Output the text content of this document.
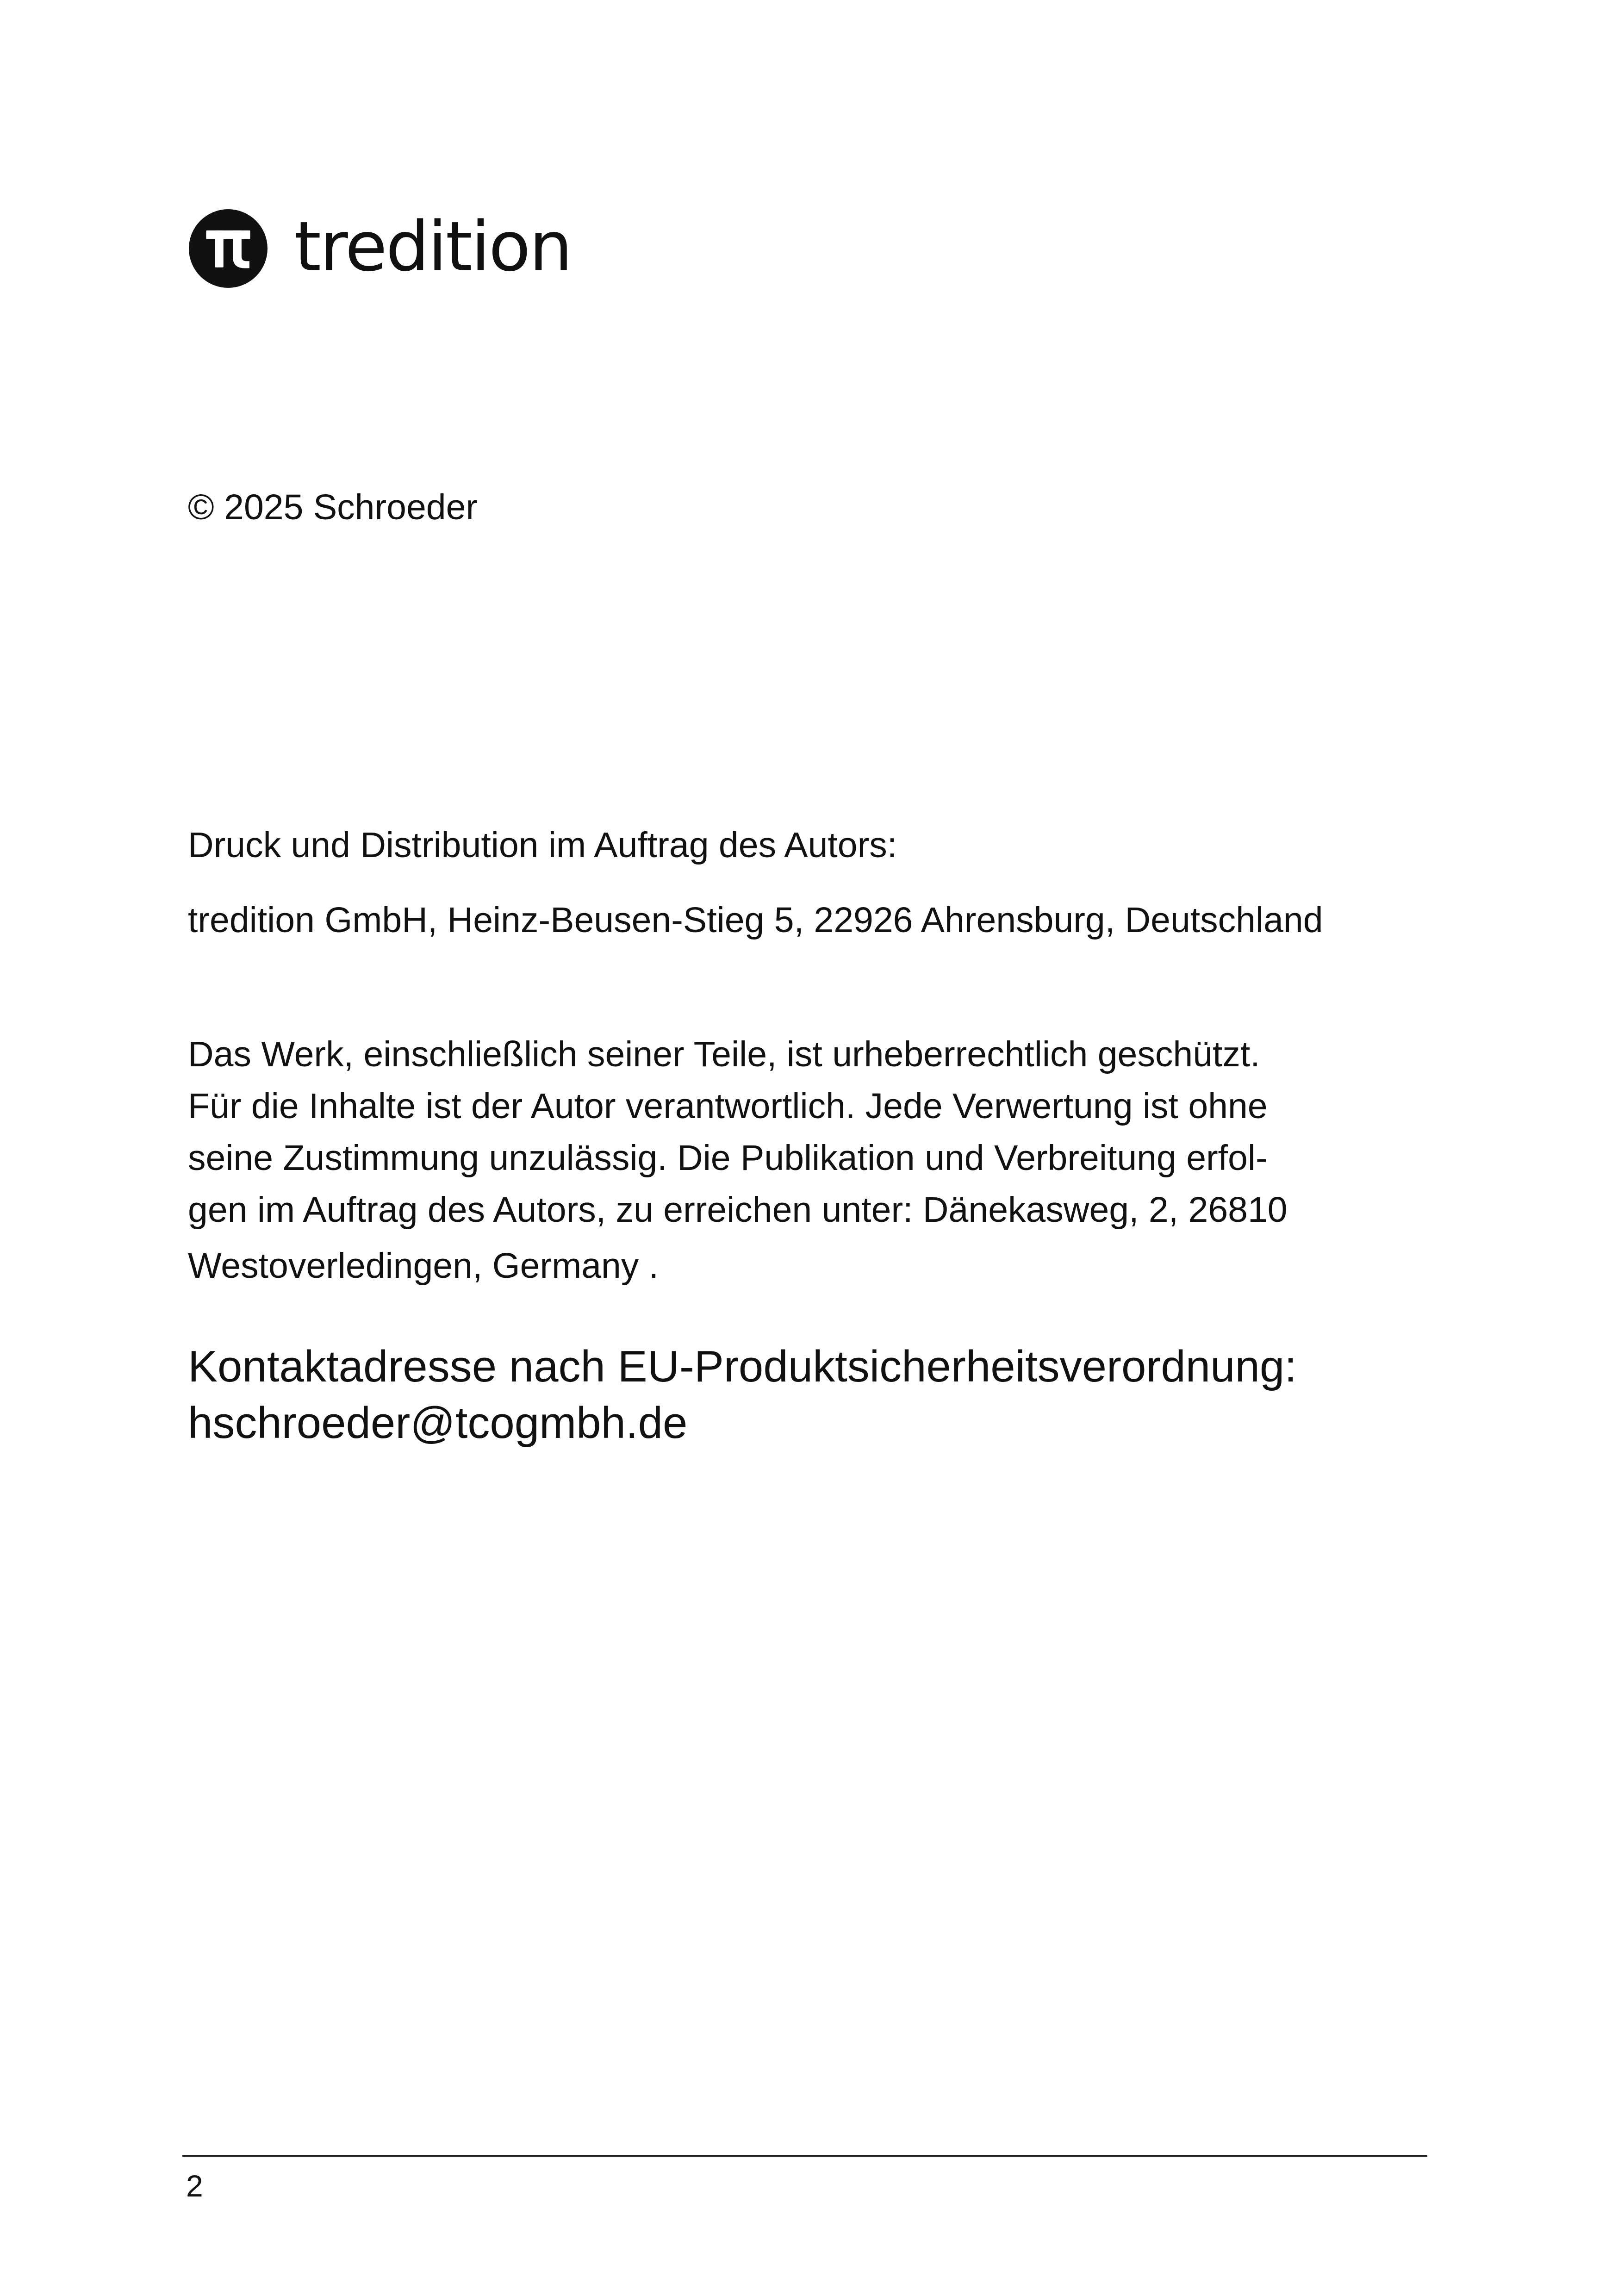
tredition

© 2025 Schroeder

Druck und Distribution im Auftrag des Autors:

tredition GmbH, Heinz-Beusen-Stieg 5, 22926 Ahrensburg, Deutschland

Das Werk, einschließlich seiner Teile, ist urheberrechtlich geschützt.
Für die Inhalte ist der Autor verantwortlich. Jede Verwertung ist ohne
seine Zustimmung unzulässig. Die Publikation und Verbreitung erfol-
gen im Auftrag des Autors, zu erreichen unter: Dänekasweg, 2, 26810
Westoverledingen, Germany .
Kontaktadresse nach EU-Produktsicherheitsverordnung:
hschroeder@tcogmbh.de
2
